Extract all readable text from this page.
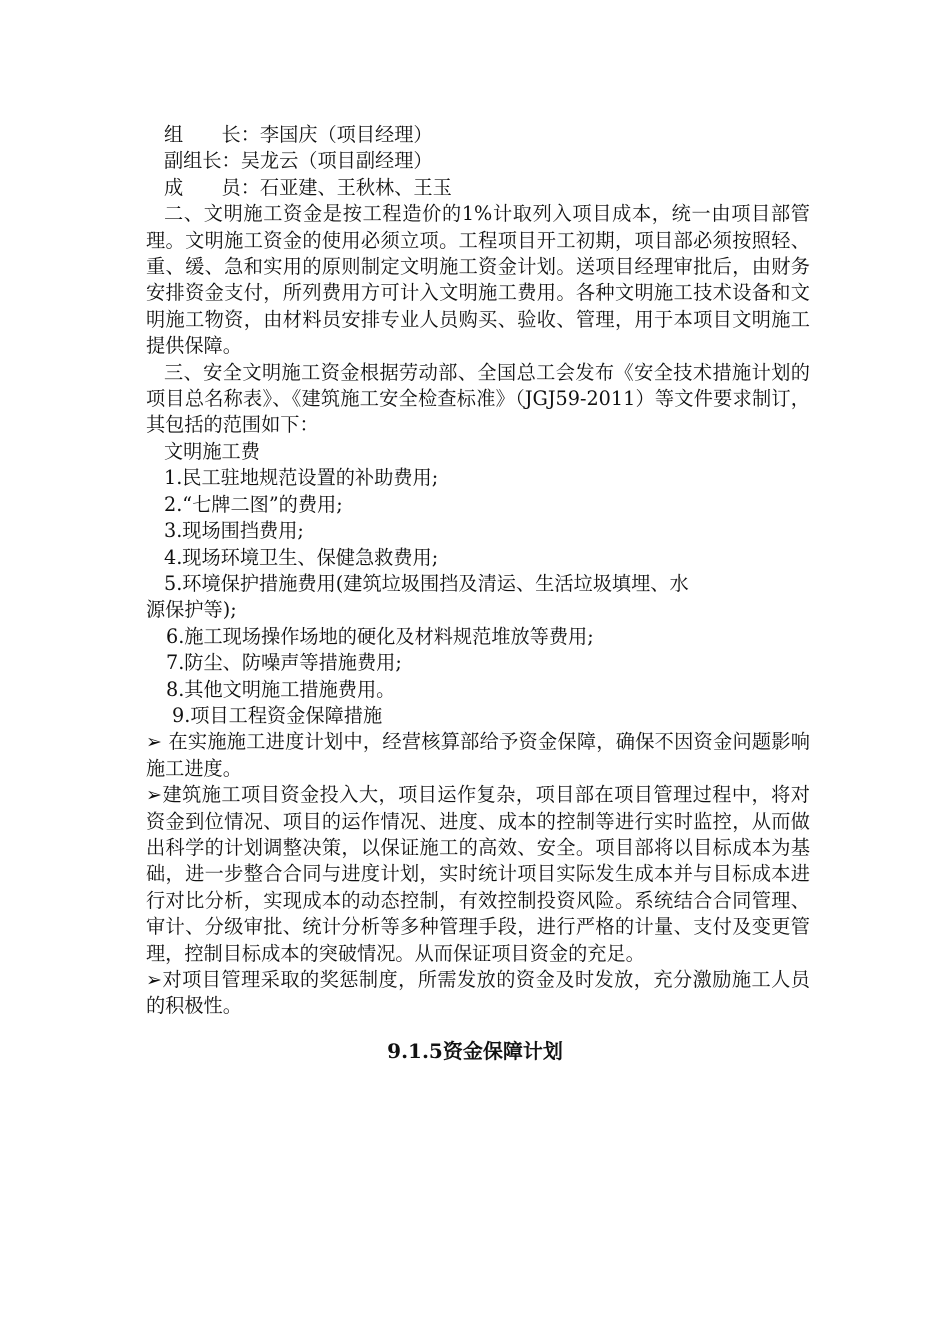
组　　长：李国庆（项目经理）
副组长：吴龙云（项目副经理）
成　　员：石亚建、王秋林、王玉
二、文明施工资金是按工程造价的1%计取列入项目成本，统一由项目部管理。文明施工资金的使用必须立项。工程项目开工初期，项目部必须按照轻、重、缓、急和实用的原则制定文明施工资金计划。送项目经理审批后，由财务安排资金支付，所列费用方可计入文明施工费用。各种文明施工技术设备和文明施工物资，由材料员安排专业人员购买、验收、管理，用于本项目文明施工提供保障。
三、安全文明施工资金根据劳动部、全国总工会发布《安全技术措施计划的项目总名称表》、《建筑施工安全检查标准》（JGJ59-2011）等文件要求制订，其包括的范围如下：
文明施工费
1.民工驻地规范设置的补助费用;
2.“七牌二图”的费用;
3.现场围挡费用;
4.现场环境卫生、保健急救费用;
5.环境保护措施费用(建筑垃圾围挡及清运、生活垃圾填埋、水
源保护等);
6.施工现场操作场地的硬化及材料规范堆放等费用;
7.防尘、防噪声等措施费用;
8.其他文明施工措施费用。
9.项目工程资金保障措施
➢ 在实施施工进度计划中，经营核算部给予资金保障，确保不因资金问题影响施工进度。
➢建筑施工项目资金投入大，项目运作复杂，项目部在项目管理过程中，将对资金到位情况、项目的运作情况、进度、成本的控制等进行实时监控，从而做出科学的计划调整决策，以保证施工的高效、安全。项目部将以目标成本为基础，进一步整合合同与进度计划，实时统计项目实际发生成本并与目标成本进行对比分析，实现成本的动态控制，有效控制投资风险。系统结合合同管理、审计、分级审批、统计分析等多种管理手段，进行严格的计量、支付及变更管理，控制目标成本的突破情况。从而保证项目资金的充足。
➢对项目管理采取的奖惩制度，所需发放的资金及时发放，充分激励施工人员的积极性。
9.1.5资金保障计划
